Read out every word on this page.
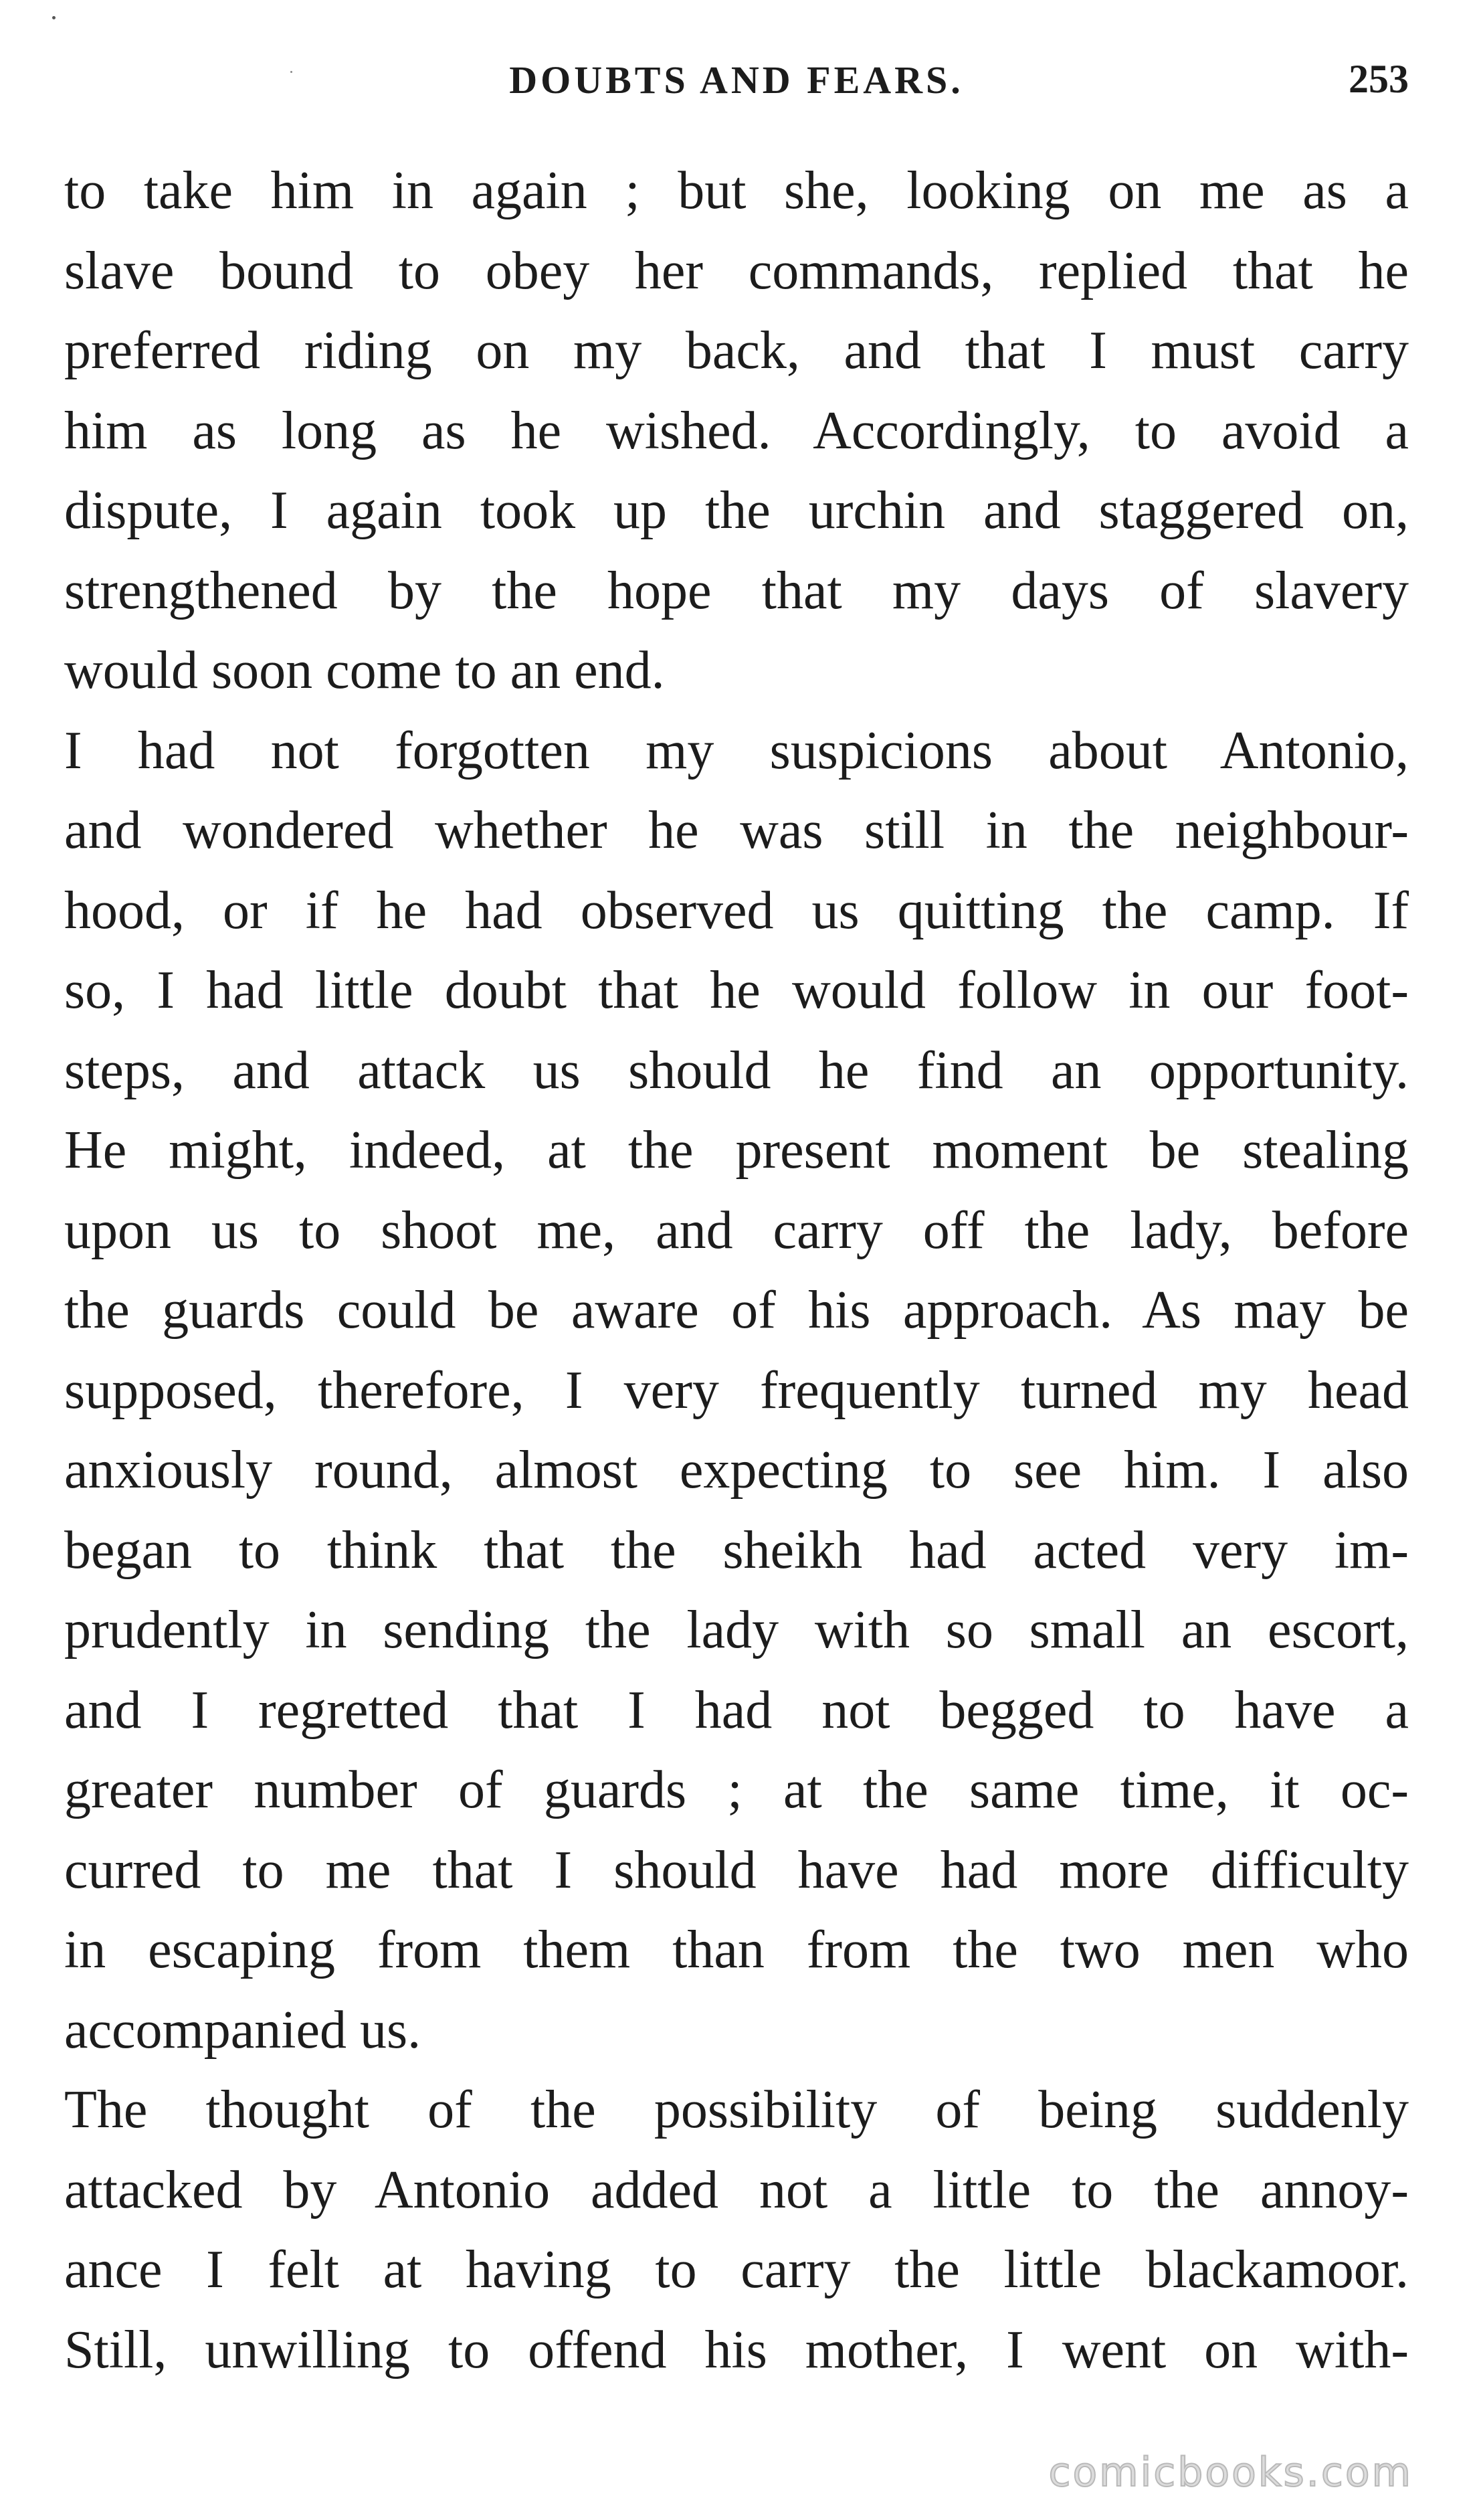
DOUBTS AND FEARS.	253
to take him in again ; but she, looking on me as a
slave bound to obey her commands, replied that he
preferred riding on my back, and that I must carry
him as long as he wished. Accordingly, to avoid a
dispute, I again took up the urchin and staggered on,
strengthened by the hope that my days of slavery
would soon come to an end.
I had not forgotten my suspicions about Antonio,
and wondered whether he was still in the neighbour-
hood, or if he had observed us quitting the camp. If
so, I had little doubt that he would follow in our foot-
steps, and attack us should he find an opportunity.
He might, indeed, at the present moment be stealing
upon us to shoot me, and carry off the lady, before
the guards could be aware of his approach. As may be
supposed, therefore, I very frequently turned my head
anxiously round, almost expecting to see him. I also
began to think that the sheikh had acted very im-
prudently in sending the lady with so small an escort,
and I regretted that I had not begged to have a
greater number of guards ; at the same time, it oc-
curred to me that I should have had more difficulty
in escaping from them than from the two men who
accompanied us.
The thought of the possibility of being suddenly
attacked by Antonio added not a little to the annoy-
ance I felt at having to carry the little blackamoor.
Still, unwilling to offend his mother, I went on with-
comicbooks.com
